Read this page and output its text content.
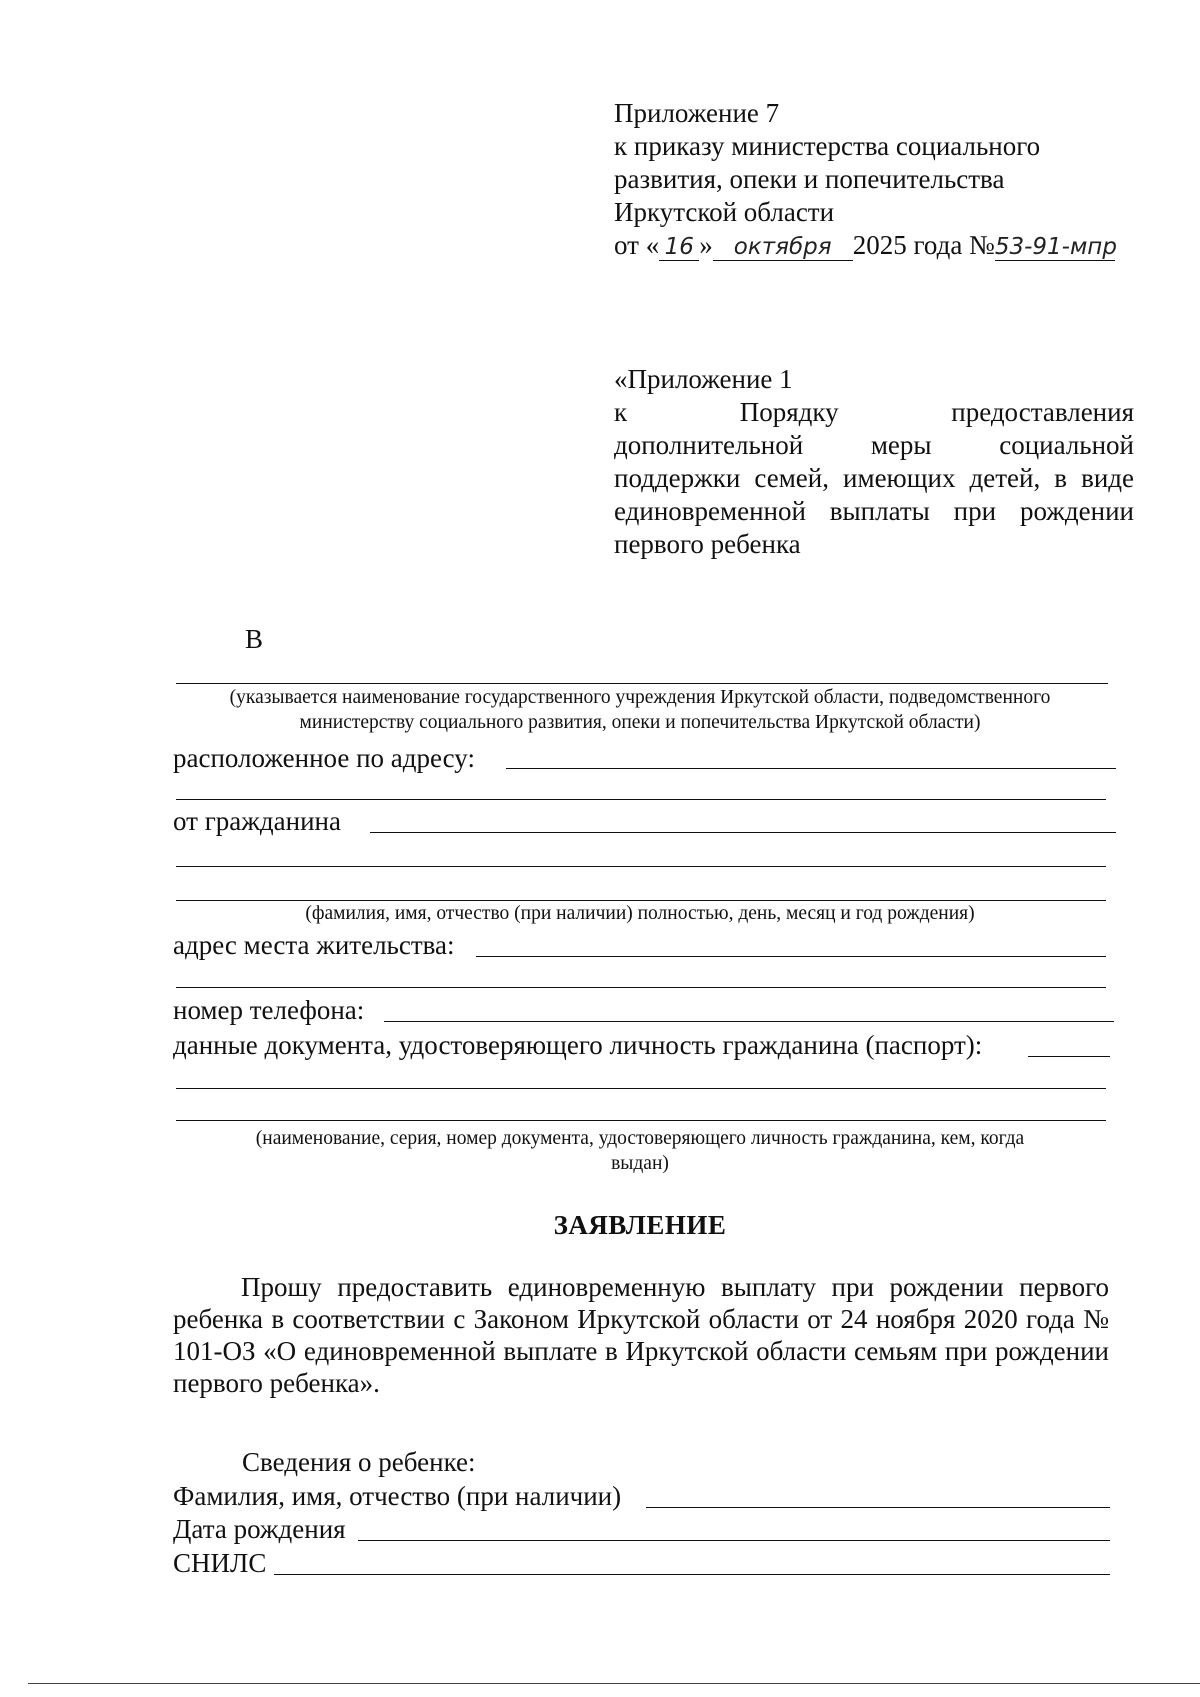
Приложение 7
к приказу министерства социального
развития, опеки и попечительства
Иркутской области
от « 16 » октября 2025 года №53-91-мпр
«Приложение 1
к Порядку предоставления
дополнительной меры социальной
поддержки семей, имеющих детей, в виде
единовременной выплаты при рождении
первого ребенка
В
(указывается наименование государственного учреждения Иркутской области, подведомственного
министерству социального развития, опеки и попечительства Иркутской области)
расположенное по адресу:
от гражданина
(фамилия, имя, отчество (при наличии) полностью, день, месяц и год рождения)
адрес места жительства:
номер телефона:
данные документа, удостоверяющего личность гражданина (паспорт):
(наименование, серия, номер документа, удостоверяющего личность гражданина, кем, когда
выдан)
ЗАЯВЛЕНИЕ
Прошу предоставить единовременную выплату при рождении первого ребенка в соответствии с Законом Иркутской области от 24 ноября 2020 года № 101-ОЗ «О единовременной выплате в Иркутской области семьям при рождении первого ребенка».
Сведения о ребенке:
Фамилия, имя, отчество (при наличии)
Дата рождения
СНИЛС
